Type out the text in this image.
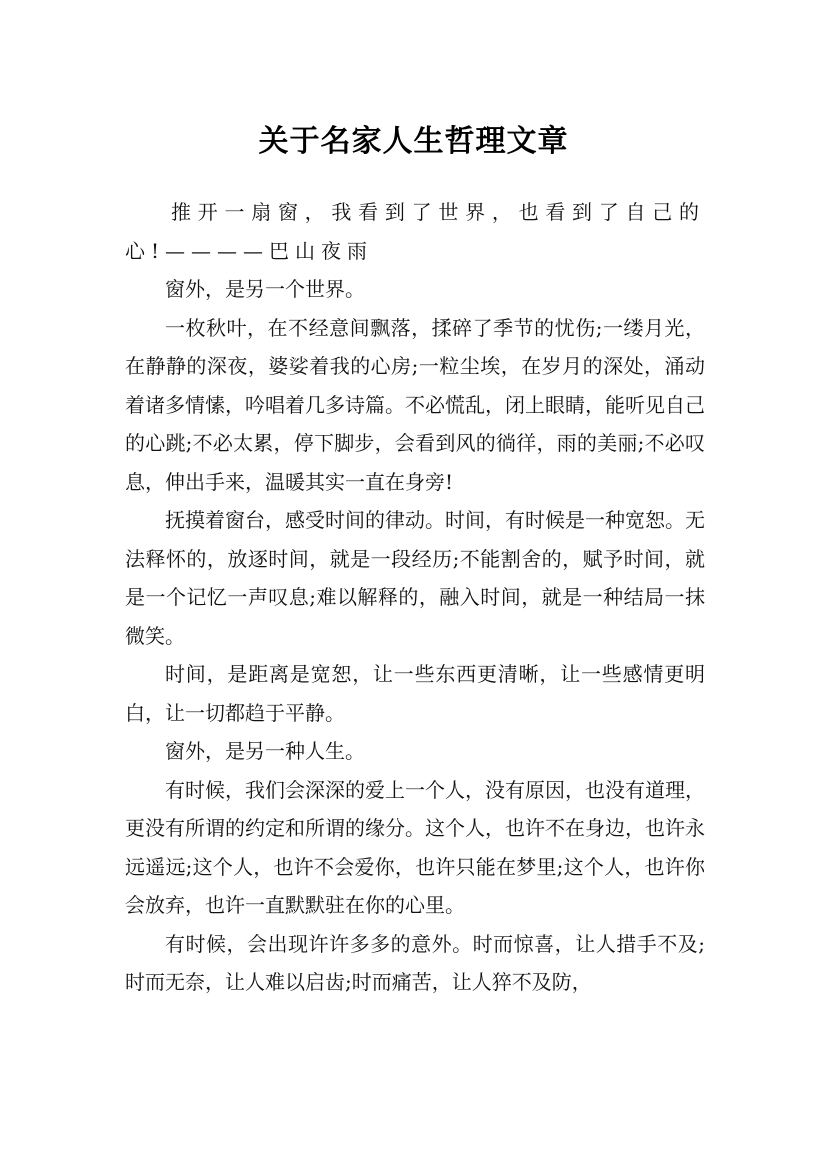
关于名家人生哲理文章

推开一扇窗，我看到了世界，也看到了自己的心!————巴山夜雨

窗外，是另一个世界。

一枚秋叶，在不经意间飘落，揉碎了季节的忧伤;一缕月光，在静静的深夜，婆娑着我的心房;一粒尘埃，在岁月的深处，涌动着诸多情愫，吟唱着几多诗篇。不必慌乱，闭上眼睛，能听见自己的心跳;不必太累，停下脚步，会看到风的徜徉，雨的美丽;不必叹息，伸出手来，温暖其实一直在身旁!

抚摸着窗台，感受时间的律动。时间，有时候是一种宽恕。无法释怀的，放逐时间，就是一段经历;不能割舍的，赋予时间，就是一个记忆一声叹息;难以解释的，融入时间，就是一种结局一抹微笑。

时间，是距离是宽恕，让一些东西更清晰，让一些感情更明白，让一切都趋于平静。

窗外，是另一种人生。

有时候，我们会深深的爱上一个人，没有原因，也没有道理，更没有所谓的约定和所谓的缘分。这个人，也许不在身边，也许永远遥远;这个人，也许不会爱你，也许只能在梦里;这个人，也许你会放弃，也许一直默默驻在你的心里。

有时候，会出现许许多多的意外。时而惊喜，让人措手不及;时而无奈，让人难以启齿;时而痛苦，让人猝不及防，
